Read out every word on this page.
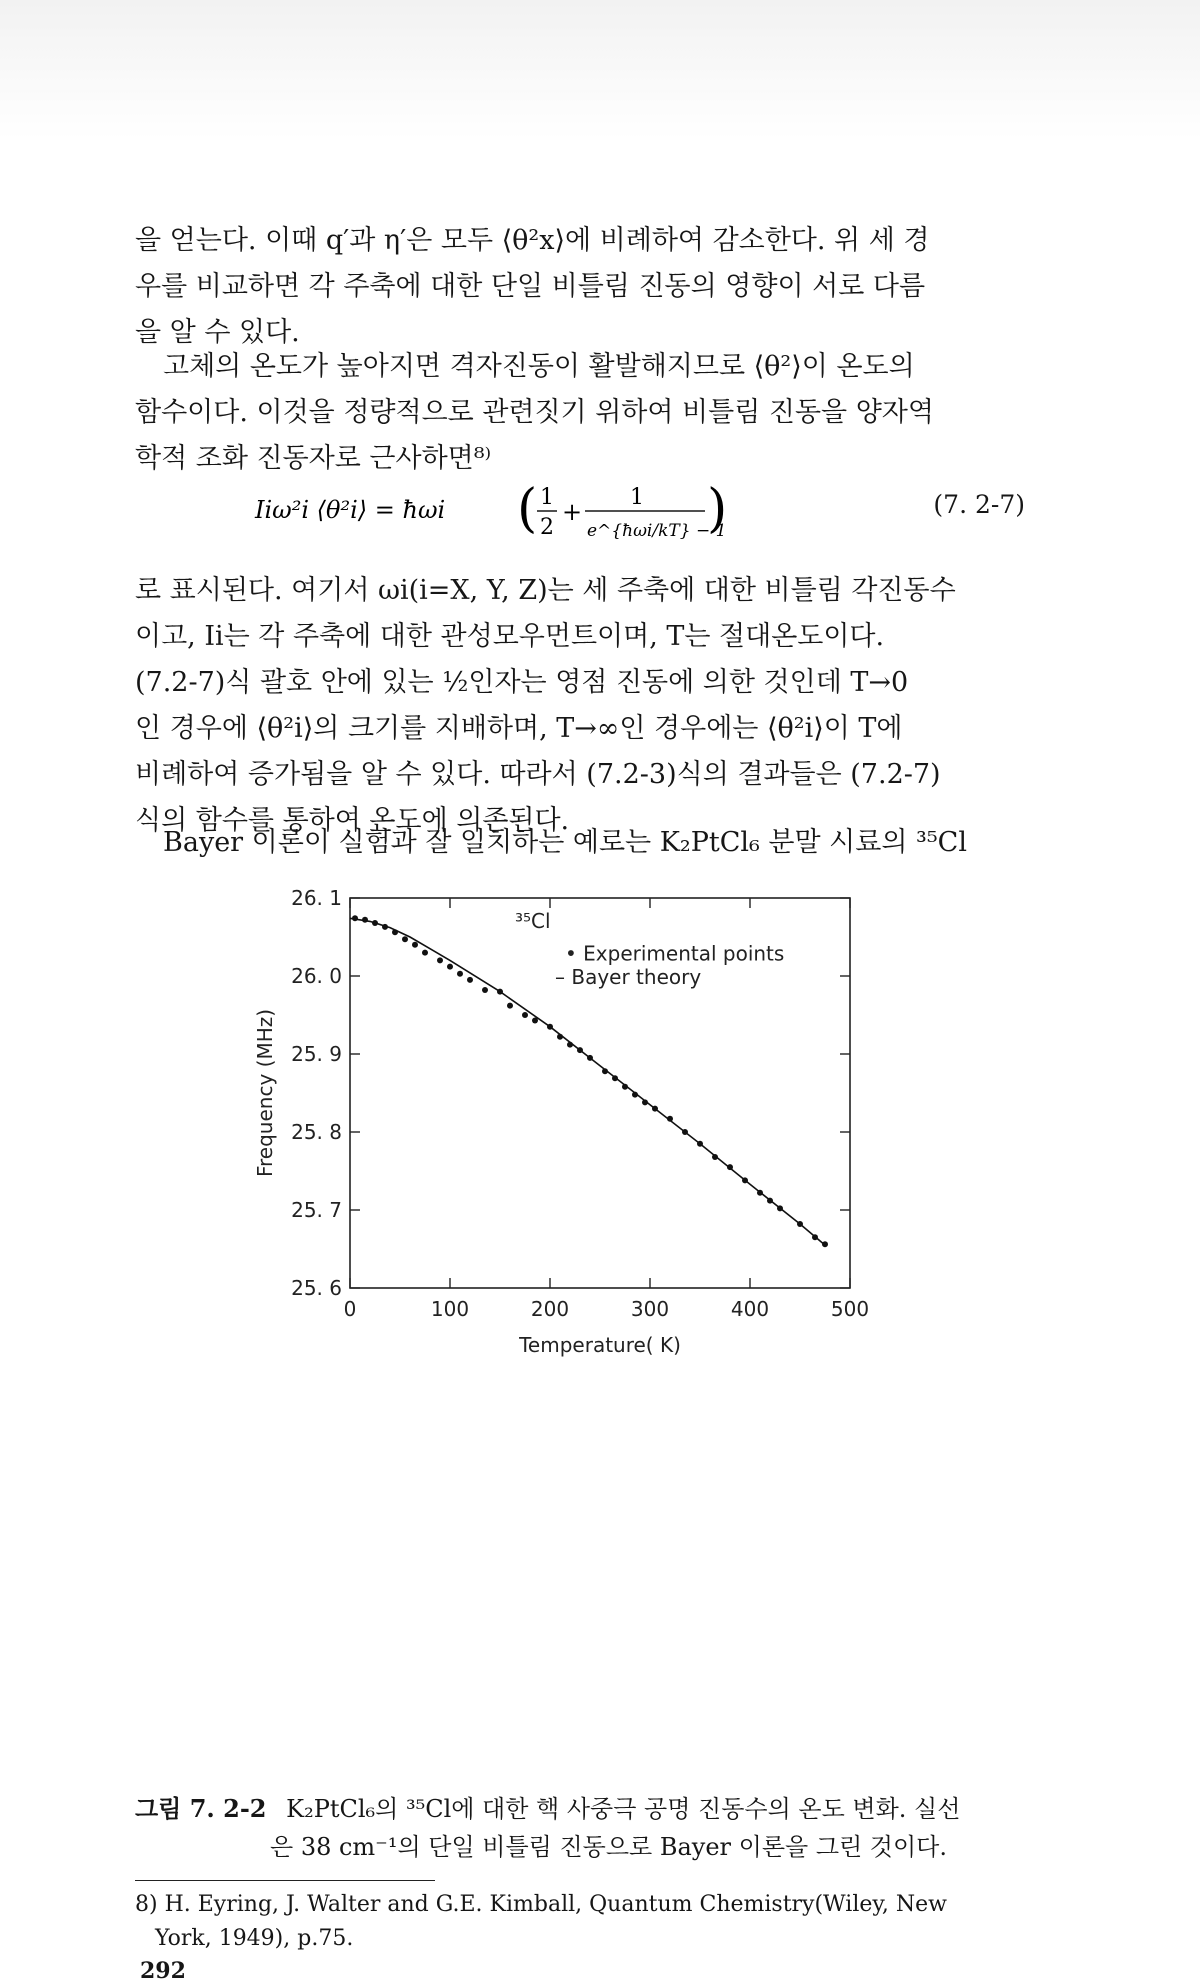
을 얻는다. 이때 q′과 η′은 모두 ⟨θ²x⟩에 비례하여 감소한다. 위 세 경

우를 비교하면 각 주축에 대한 단일 비틀림 진동의 영향이 서로 다름

을 알 수 있다.

고체의 온도가 높아지면 격자진동이 활발해지므로 ⟨θ²⟩이 온도의

함수이다. 이것을 정량적으로 관련짓기 위하여 비틀림 진동을 양자역

학적 조화 진동자로 근사하면⁸⁾

Iiω²i ⟨θ²i⟩ = ħωi ( 1
2
+
1
e^{ħωi/kT} − 1
)	(7. 2-7)

로 표시된다. 여기서 ωi(i=X, Y, Z)는 세 주축에 대한 비틀림 각진동수

이고, Ii는 각 주축에 대한 관성모우먼트이며, T는 절대온도이다.

(7.2-7)식 괄호 안에 있는 ½인자는 영점 진동에 의한 것인데 T→0

인 경우에 ⟨θ²i⟩의 크기를 지배하며, T→∞인 경우에는 ⟨θ²i⟩이 T에

비례하여 증가됨을 알 수 있다. 따라서 (7.2-3)식의 결과들은 (7.2-7)

식의 함수를 통하여 온도에 의존된다.

Bayer 이론이 실험과 잘 일치하는 예로는 K₂PtCl₆ 분말 시료의 ³⁵Cl

26. 1
26. 0
25. 9
25. 8
25. 7
25. 6
0	100	200	300	400	500
Temperature( K)
Frequency (MHz)
³⁵Cl
• Experimental points
– Bayer theory
그림 7. 2-2 K₂PtCl₆의 ³⁵Cl에 대한 핵 사중극 공명 진동수의 온도 변화. 실선
은 38 cm⁻¹의 단일 비틀림 진동으로 Bayer 이론을 그린 것이다.
8) H. Eyring, J. Walter and G.E. Kimball, Quantum Chemistry(Wiley, New
York, 1949), p.75.
292
